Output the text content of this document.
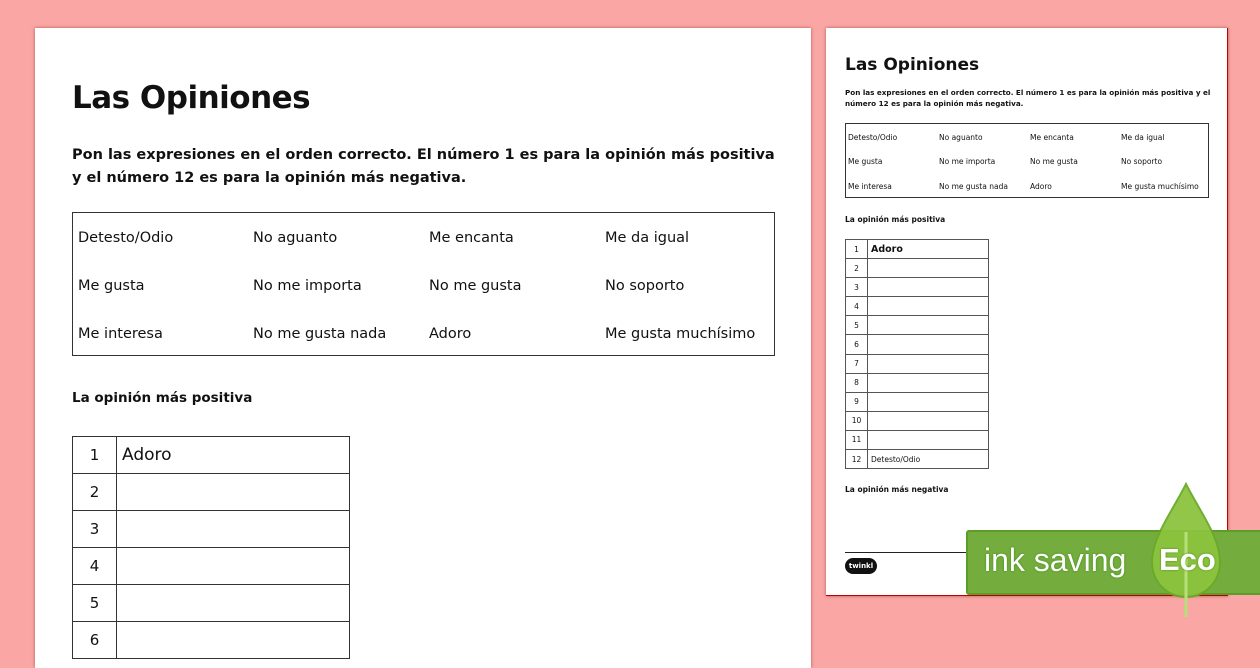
Las Opiniones
Pon las expresiones en el orden correcto. El número 1 es para la opinión más positiva y el número 12 es para la opinión más negativa.
Detesto/Odio	No aguanto	Me encanta	Me da igual
Me gusta	No me importa	No me gusta	No soporto
Me interesa	No me gusta nada	Adoro	Me gusta muchísimo
La opinión más positiva
1	Adoro
2	
3	
4	
5	
6	
Las Opiniones
Pon las expresiones en el orden correcto. El número 1 es para la opinión más positiva y el número 12 es para la opinión más negativa.
Detesto/Odio	No aguanto	Me encanta	Me da igual
Me gusta	No me importa	No me gusta	No soporto
Me interesa	No me gusta nada	Adoro	Me gusta muchísimo
La opinión más positiva
1	Adoro
2	
3	
4	
5	
6	
7	
8	
9	
10	
11	
12	Detesto/Odio
La opinión más negativa
twinkl	ink saving Eco
